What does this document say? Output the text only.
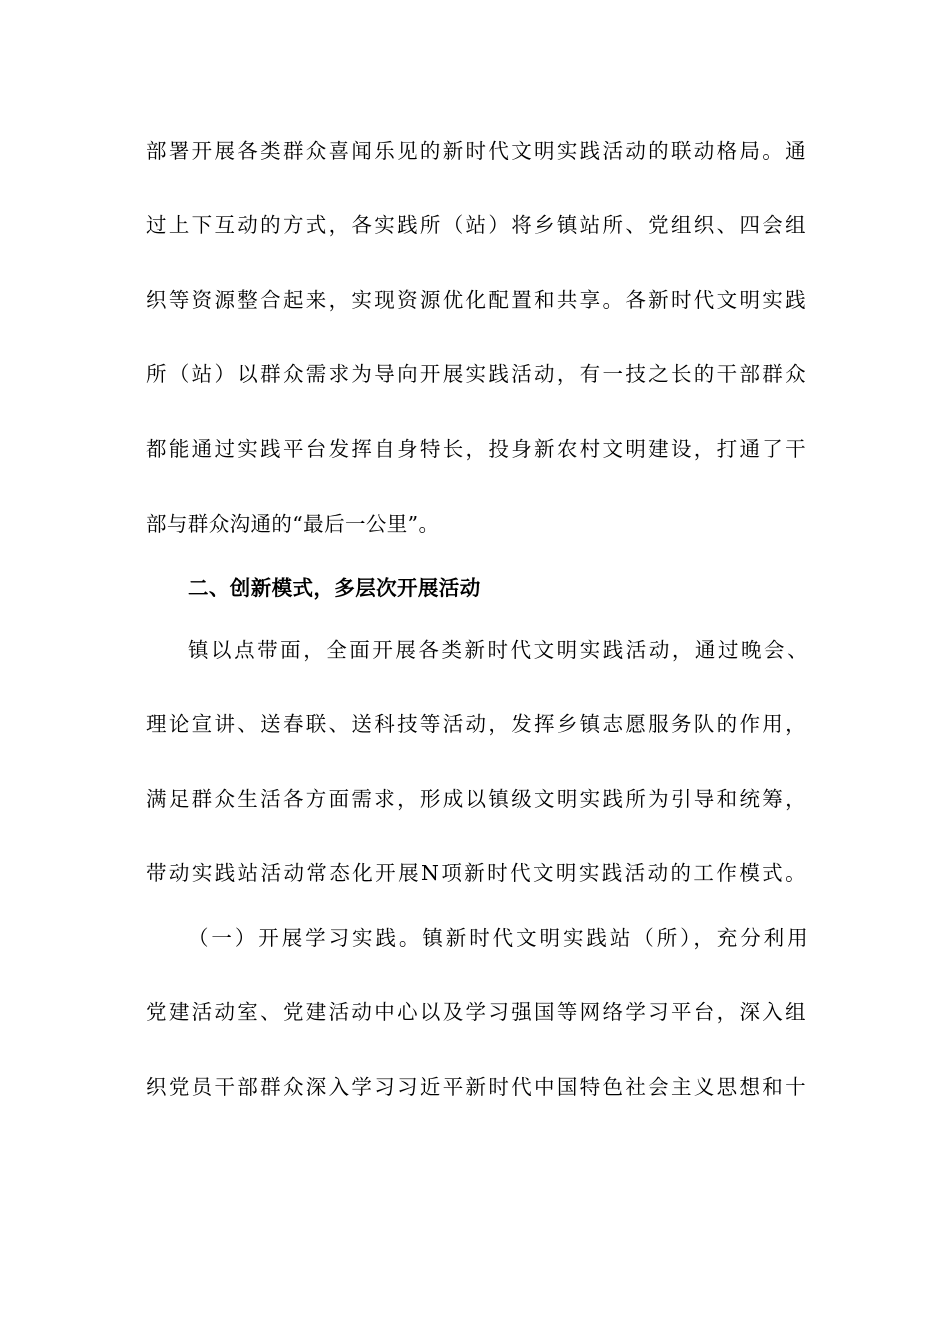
部署开展各类群众喜闻乐见的新时代文明实践活动的联动格局。通
过上下互动的方式，各实践所（站）将乡镇站所、党组织、四会组
织等资源整合起来，实现资源优化配置和共享。各新时代文明实践
所（站）以群众需求为导向开展实践活动，有一技之长的干部群众
都能通过实践平台发挥自身特长，投身新农村文明建设，打通了干
部与群众沟通的“最后一公里”。
二、创新模式，多层次开展活动
镇以点带面，全面开展各类新时代文明实践活动，通过晚会、
理论宣讲、送春联、送科技等活动，发挥乡镇志愿服务队的作用，
满足群众生活各方面需求，形成以镇级文明实践所为引导和统筹，
带动实践站活动常态化开展N项新时代文明实践活动的工作模式。
（一）开展学习实践。镇新时代文明实践站（所），充分利用
党建活动室、党建活动中心以及学习强国等网络学习平台，深入组
织党员干部群众深入学习习近平新时代中国特色社会主义思想和十
